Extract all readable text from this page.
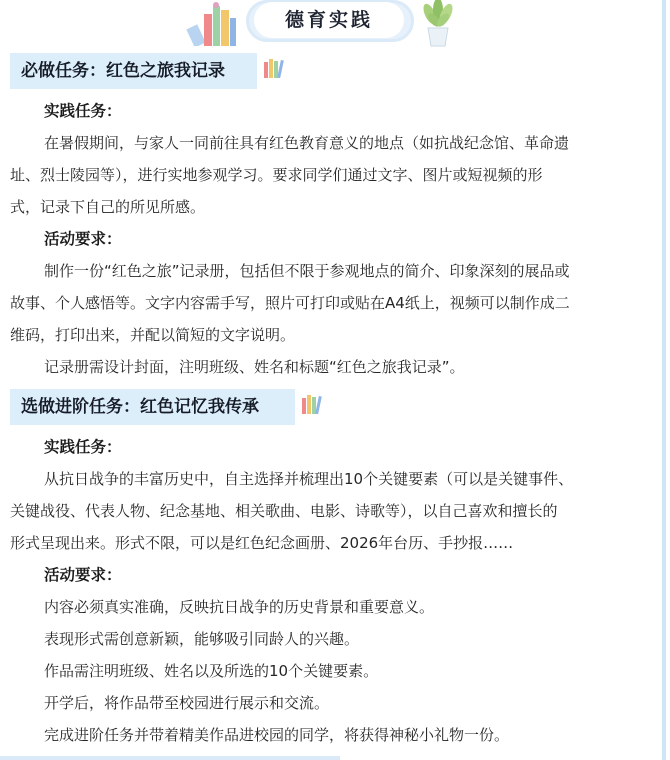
德育实践
必做任务：红色之旅我记录
实践任务：
在暑假期间，与家人一同前往具有红色教育意义的地点（如抗战纪念馆、革命遗
址、烈士陵园等），进行实地参观学习。要求同学们通过文字、图片或短视频的形
式，记录下自己的所见所感。
活动要求：
制作一份“红色之旅”记录册，包括但不限于参观地点的简介、印象深刻的展品或
故事、个人感悟等。文字内容需手写，照片可打印或贴在A4纸上，视频可以制作成二
维码，打印出来，并配以简短的文字说明。
记录册需设计封面，注明班级、姓名和标题“红色之旅我记录”。
选做进阶任务：红色记忆我传承
实践任务：
从抗日战争的丰富历史中，自主选择并梳理出10个关键要素（可以是关键事件、
关键战役、代表人物、纪念基地、相关歌曲、电影、诗歌等），以自己喜欢和擅长的
形式呈现出来。形式不限，可以是红色纪念画册、2026年台历、手抄报……
活动要求：
内容必须真实准确，反映抗日战争的历史背景和重要意义。
表现形式需创意新颖，能够吸引同龄人的兴趣。
作品需注明班级、姓名以及所选的10个关键要素。
开学后，将作品带至校园进行展示和交流。
完成进阶任务并带着精美作品进校园的同学，将获得神秘小礼物一份。
